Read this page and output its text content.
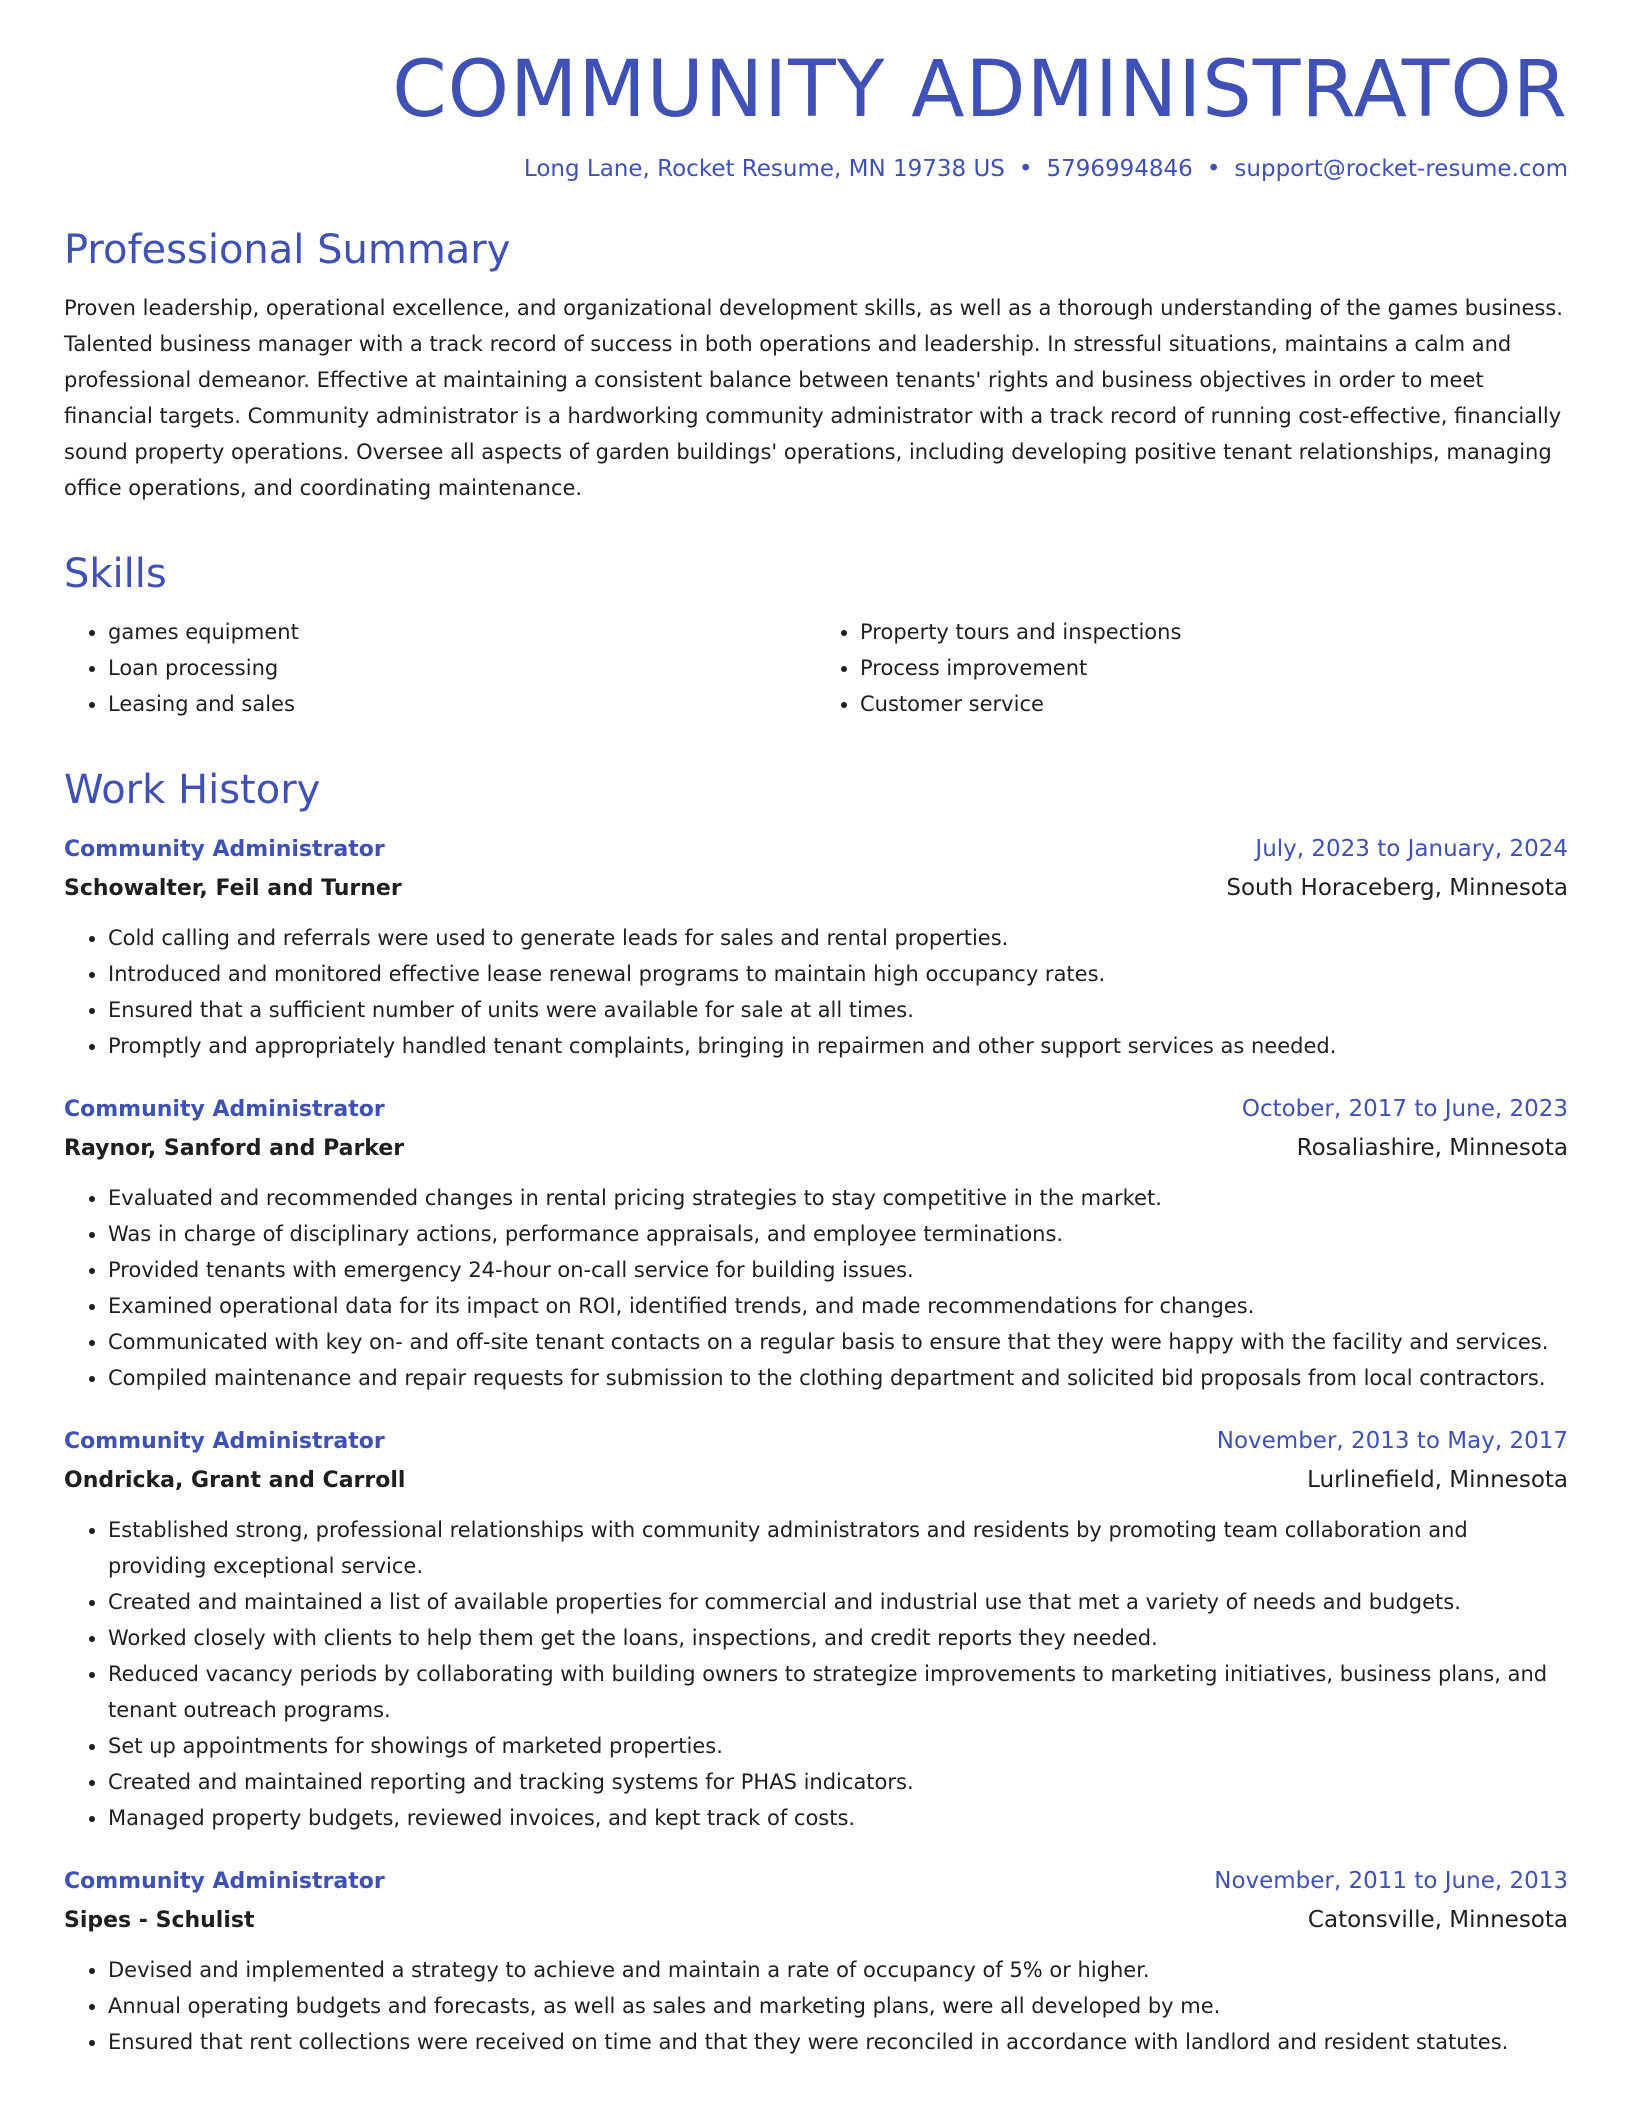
COMMUNITY ADMINISTRATOR
Long Lane, Rocket Resume, MN 19738 US • 5796994846 • support@rocket-resume.com
Professional Summary

Proven leadership, operational excellence, and organizational development skills, as well as a thorough understanding of the games business. Talented business manager with a track record of success in both operations and leadership. In stressful situations, maintains a calm and professional demeanor. Effective at maintaining a consistent balance between tenants' rights and business objectives in order to meet financial targets. Community administrator is a hardworking community administrator with a track record of running cost-effective, financially sound property operations. Oversee all aspects of garden buildings' operations, including developing positive tenant relationships, managing office operations, and coordinating maintenance.

Skills
• games equipment
• Loan processing
• Leasing and sales
• Property tours and inspections
• Process improvement
• Customer service
Work History
Community Administrator	July, 2023 to January, 2024
Schowalter, Feil and Turner	South Horaceberg, Minnesota
• Cold calling and referrals were used to generate leads for sales and rental properties.
• Introduced and monitored effective lease renewal programs to maintain high occupancy rates.
• Ensured that a sufficient number of units were available for sale at all times.
• Promptly and appropriately handled tenant complaints, bringing in repairmen and other support services as needed.
Community Administrator	October, 2017 to June, 2023
Raynor, Sanford and Parker	Rosaliashire, Minnesota
• Evaluated and recommended changes in rental pricing strategies to stay competitive in the market.
• Was in charge of disciplinary actions, performance appraisals, and employee terminations.
• Provided tenants with emergency 24-hour on-call service for building issues.
• Examined operational data for its impact on ROI, identified trends, and made recommendations for changes.
• Communicated with key on- and off-site tenant contacts on a regular basis to ensure that they were happy with the facility and services.
• Compiled maintenance and repair requests for submission to the clothing department and solicited bid proposals from local contractors.
Community Administrator	November, 2013 to May, 2017
Ondricka, Grant and Carroll	Lurlinefield, Minnesota
• Established strong, professional relationships with community administrators and residents by promoting team collaboration and providing exceptional service.
• Created and maintained a list of available properties for commercial and industrial use that met a variety of needs and budgets.
• Worked closely with clients to help them get the loans, inspections, and credit reports they needed.
• Reduced vacancy periods by collaborating with building owners to strategize improvements to marketing initiatives, business plans, and tenant outreach programs.
• Set up appointments for showings of marketed properties.
• Created and maintained reporting and tracking systems for PHAS indicators.
• Managed property budgets, reviewed invoices, and kept track of costs.
Community Administrator	November, 2011 to June, 2013
Sipes - Schulist	Catonsville, Minnesota
• Devised and implemented a strategy to achieve and maintain a rate of occupancy of 5% or higher.
• Annual operating budgets and forecasts, as well as sales and marketing plans, were all developed by me.
• Ensured that rent collections were received on time and that they were reconciled in accordance with landlord and resident statutes.
